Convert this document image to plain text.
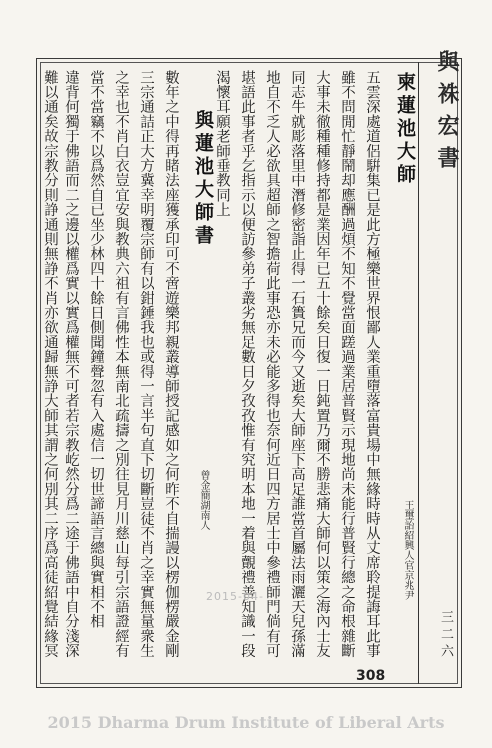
與袾宏書
三二六
王璽詒紹興人官京兆尹
柬蓮池大師
五雲深處道侶騈集已是此方極樂世界恨鄙人業重墮落富貴場中無緣時時从丈席聆提誨耳此事
雖不問閒忙靜鬧却應酬過煩不知不覺當面蹉過業居普賢示現地尚未能行普賢行總之命根雜斷
大事未徹種種修持都是業因年已五十餘矣日復一日鈍置乃爾不勝悲痛大師何以策之海內士友
同志牛就彫落里中潛修密詣止得一石簣兄而今又逝矣大師座下高足誰當首屬法雨灑天兒孫滿
地自不乏人必欲具超師之智擔荷此事恐亦未必能多得也奈何近日四方居士中參禮師門倘有可
堪語此事者乎乞指示以便訪參弟子叢劣無足數日夕孜孜惟有究明本地一着與覿禮善知識一段
渴懷耳願老師垂教同上
與蓮池大師書
曾金簡湖南人
數年之中得再睹法座獲承印可不啻遊樂邦親叢導師授記感如之何昨不自揣謾以楞伽楞嚴金剛
三宗通詰正大方冀幸明覆宗師有以鉗錘我也或得一言半句直下切斷豈徒不肖之幸實無量衆生
之幸也不肖白衣豈宜安與教典六祖有言佛性本無南北疏擣之別往見月川慈山每引宗語證經有
當不當竊不以爲然自已坐少林四十餘日側聞鐘聲忽有入處信一切世諦語言總與實相不相
違背何獨于佛語而二之邊以權爲實以實爲權無不可者若宗教屹然分爲二途于佛語中自分淺深
難以通矣故宗教分則諍通則無諍不肖亦欲通歸無諍大師其謂之何別其二序爲高徒紹覺結緣冥	2015-04-
308
2015 Dharma Drum Institute of Liberal Arts
